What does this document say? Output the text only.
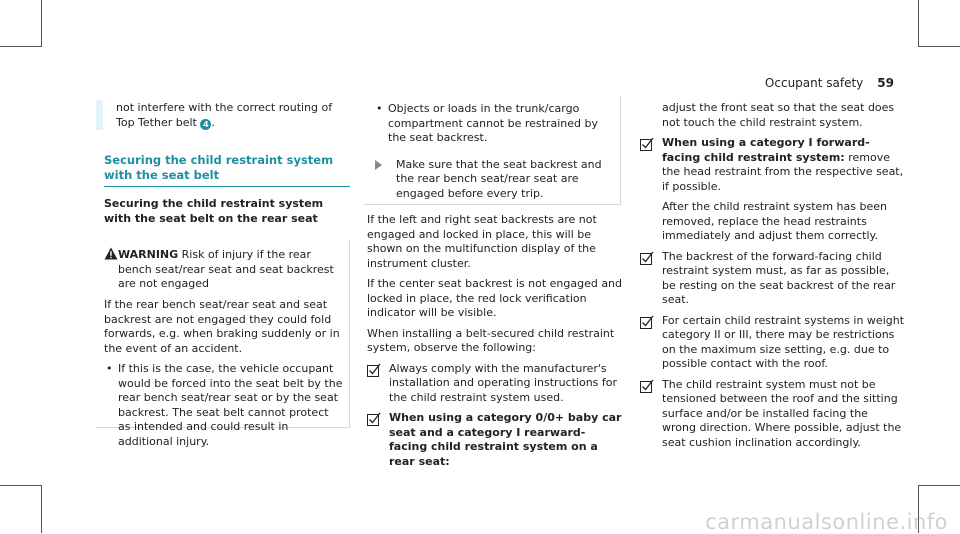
Occupant safety 59

not interfere with the correct routing of Top Tether belt 4 .

Securing the child restraint system with the seat belt
Securing the child restraint system with the seat belt on the rear seat
WARNING Risk of injury if the rear bench seat/rear seat and seat backrest are not engaged

If the rear bench seat/rear seat and seat backrest are not engaged they could fold forwards, e.g. when braking suddenly or in the event of an accident.

• If this is the case, the vehicle occupant would be forced into the seat belt by the rear bench seat/rear seat or by the seat backrest. The seat belt cannot protect as intended and could result in additional injury.
• Objects or loads in the trunk/cargo compartment cannot be restrained by the seat backrest.
Make sure that the seat backrest and the rear bench seat/rear seat are engaged before every trip.

If the left and right seat backrests are not engaged and locked in place, this will be shown on the multifunction display of the instrument cluster.

If the center seat backrest is not engaged and locked in place, the red lock verification indicator will be visible.

When installing a belt-secured child restraint system, observe the following:

Always comply with the manufacturer's installation and operating instructions for the child restraint system used.
When using a category 0/0+ baby car seat and a category I rearward-facing child restraint system on a rear seat:

adjust the front seat so that the seat does not touch the child restraint system.

When using a category I forward-facing child restraint system: remove the head restraint from the respective seat, if possible.

After the child restraint system has been removed, replace the head restraints immediately and adjust them correctly.

The backrest of the forward-facing child restraint system must, as far as possible, be resting on the seat backrest of the rear seat.
For certain child restraint systems in weight category II or III, there may be restrictions on the maximum size setting, e.g. due to possible contact with the roof.
The child restraint system must not be tensioned between the roof and the sitting surface and/or be installed facing the wrong direction. Where possible, adjust the seat cushion inclination accordingly.
carmanualsonline.info
